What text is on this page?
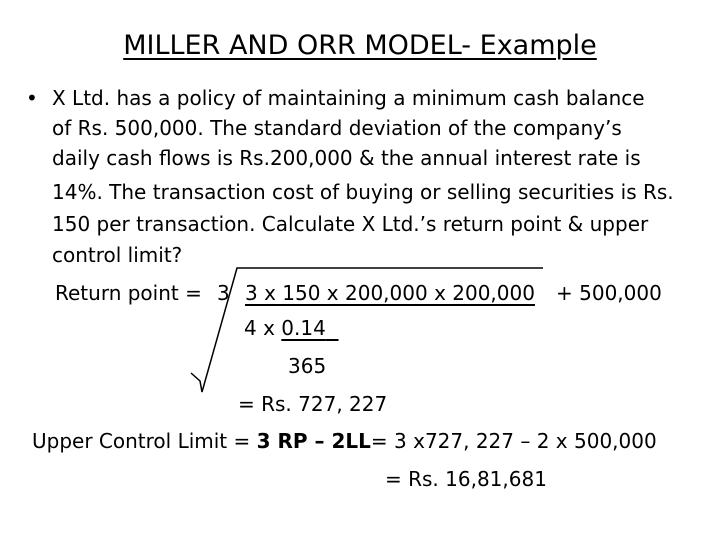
MILLER AND ORR MODEL- Example
• X Ltd. has a policy of maintaining a minimum cash balance
of Rs. 500,000. The standard deviation of the company’s
daily cash flows is Rs.200,000 & the annual interest rate is
14%. The transaction cost of buying or selling securities is Rs.
150 per transaction. Calculate X Ltd.’s return point & upper
control limit?
Return point = 3 3 x 150 x 200,000 x 200,000 + 500,000
4 x 0.14
365
= Rs. 727, 227
Upper Control Limit = 3 RP – 2LL= 3 x727, 227 – 2 x 500,000
= Rs. 16,81,681
